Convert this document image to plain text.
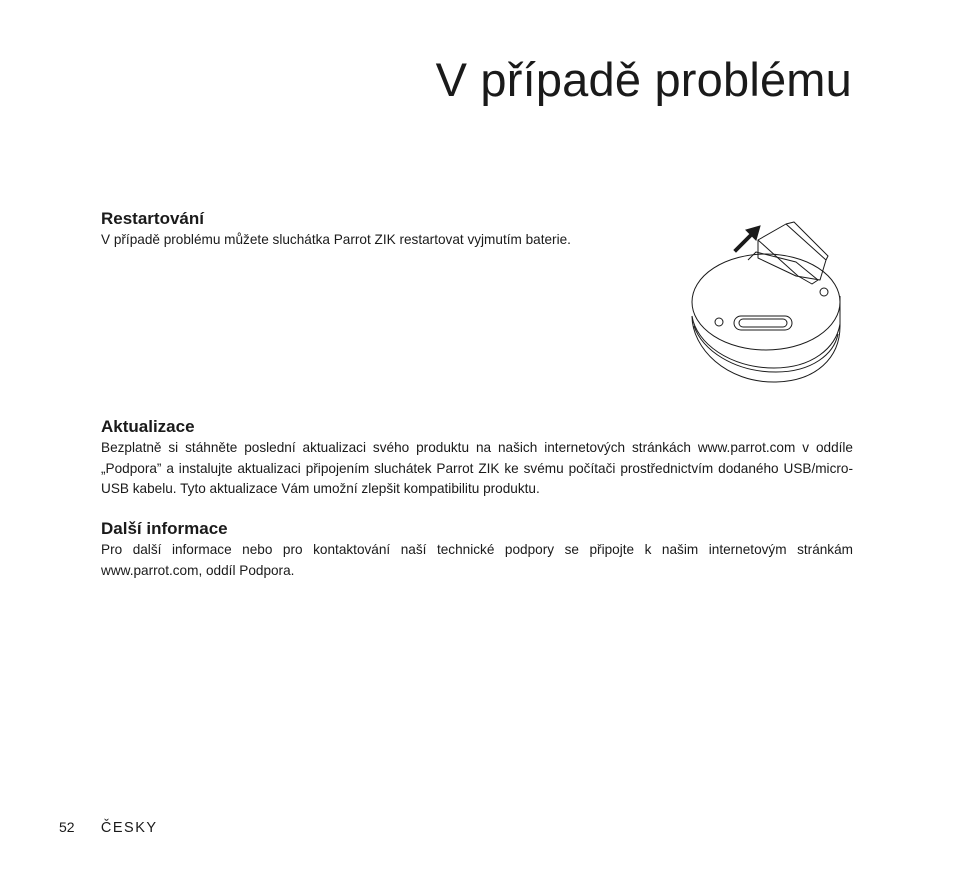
V případě problému
Restartování

V případě problému můžete sluchátka Parrot ZIK restartovat vyjmutím baterie.

Aktualizace

Bezplatně si stáhněte poslední aktualizaci svého produktu na našich internetových stránkách www.parrot.com v oddíle „Podpora” a instalujte aktualizaci připojením sluchátek Parrot ZIK ke svému počítači prostřednictvím dodaného USB/micro-USB kabelu. Tyto aktualizace Vám umožní zlepšit kompatibilitu produktu.

Další informace

Pro další informace nebo pro kontaktování naší technické podpory se připojte k našim internetovým stránkám www.parrot.com, oddíl Podpora.

52 ČESKY
